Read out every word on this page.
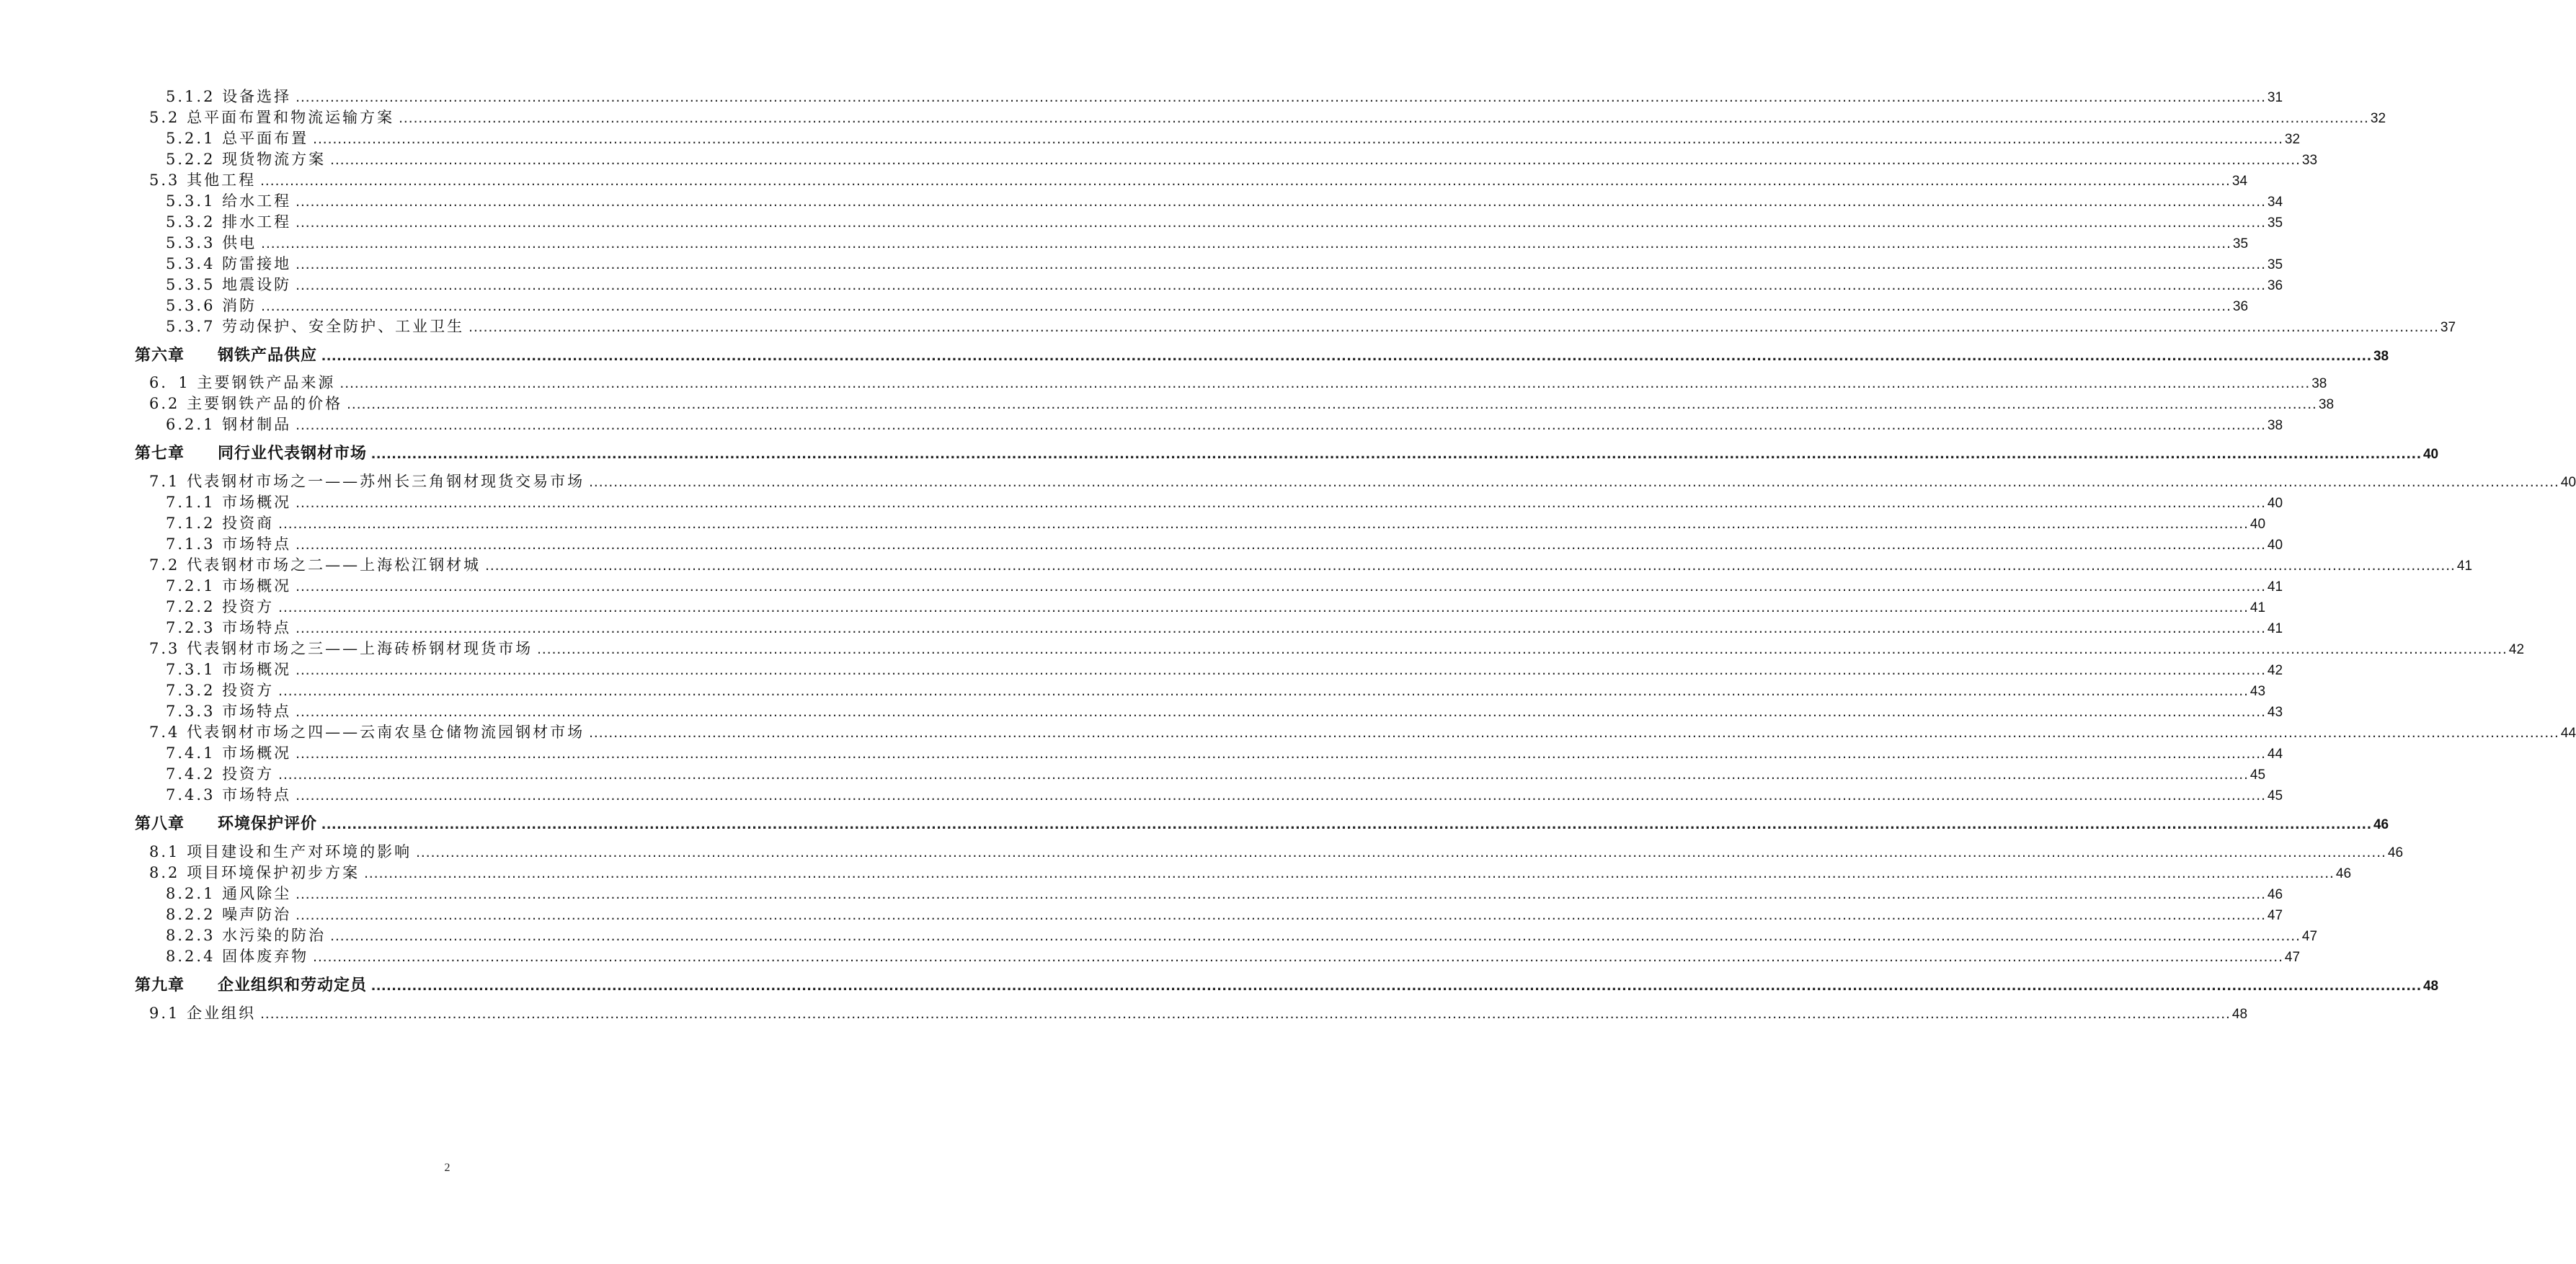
5.1.2 设备选择 ................................................................................................................................................................................................................................................................................................................................................................................................................ 31
5.2 总平面布置和物流运输方案 ................................................................................................................................................................................................................................................................................................................................................................................................................ 32
5.2.1 总平面布置 ................................................................................................................................................................................................................................................................................................................................................................................................................ 32
5.2.2 现货物流方案 ................................................................................................................................................................................................................................................................................................................................................................................................................ 33
5.3 其他工程 ................................................................................................................................................................................................................................................................................................................................................................................................................ 34
5.3.1 给水工程 ................................................................................................................................................................................................................................................................................................................................................................................................................ 34
5.3.2 排水工程 ................................................................................................................................................................................................................................................................................................................................................................................................................ 35
5.3.3 供电 ................................................................................................................................................................................................................................................................................................................................................................................................................ 35
5.3.4 防雷接地 ................................................................................................................................................................................................................................................................................................................................................................................................................ 35
5.3.5 地震设防 ................................................................................................................................................................................................................................................................................................................................................................................................................ 36
5.3.6 消防 ................................................................................................................................................................................................................................................................................................................................................................................................................ 36
5.3.7 劳动保护、安全防护、工业卫生 ................................................................................................................................................................................................................................................................................................................................................................................................................ 37
第六章 钢铁产品供应 ................................................................................................................................................................................................................................................................................................................................................................................................................ 38
6．1 主要钢铁产品来源 ................................................................................................................................................................................................................................................................................................................................................................................................................ 38
6.2 主要钢铁产品的价格 ................................................................................................................................................................................................................................................................................................................................................................................................................ 38
6.2.1 钢材制品 ................................................................................................................................................................................................................................................................................................................................................................................................................ 38
第七章 同行业代表钢材市场 ................................................................................................................................................................................................................................................................................................................................................................................................................ 40
7.1 代表钢材市场之一——苏州长三角钢材现货交易市场 ................................................................................................................................................................................................................................................................................................................................................................................................................ 40
7.1.1 市场概况 ................................................................................................................................................................................................................................................................................................................................................................................................................ 40
7.1.2 投资商 ................................................................................................................................................................................................................................................................................................................................................................................................................ 40
7.1.3 市场特点 ................................................................................................................................................................................................................................................................................................................................................................................................................ 40
7.2 代表钢材市场之二——上海松江钢材城 ................................................................................................................................................................................................................................................................................................................................................................................................................ 41
7.2.1 市场概况 ................................................................................................................................................................................................................................................................................................................................................................................................................ 41
7.2.2 投资方 ................................................................................................................................................................................................................................................................................................................................................................................................................ 41
7.2.3 市场特点 ................................................................................................................................................................................................................................................................................................................................................................................................................ 41
7.3 代表钢材市场之三——上海砖桥钢材现货市场 ................................................................................................................................................................................................................................................................................................................................................................................................................ 42
7.3.1 市场概况 ................................................................................................................................................................................................................................................................................................................................................................................................................ 42
7.3.2 投资方 ................................................................................................................................................................................................................................................................................................................................................................................................................ 43
7.3.3 市场特点 ................................................................................................................................................................................................................................................................................................................................................................................................................ 43
7.4 代表钢材市场之四——云南农垦仓储物流园钢材市场 ................................................................................................................................................................................................................................................................................................................................................................................................................ 44
7.4.1 市场概况 ................................................................................................................................................................................................................................................................................................................................................................................................................ 44
7.4.2 投资方 ................................................................................................................................................................................................................................................................................................................................................................................................................ 45
7.4.3 市场特点 ................................................................................................................................................................................................................................................................................................................................................................................................................ 45
第八章 环境保护评价 ................................................................................................................................................................................................................................................................................................................................................................................................................ 46
8.1 项目建设和生产对环境的影响 ................................................................................................................................................................................................................................................................................................................................................................................................................ 46
8.2 项目环境保护初步方案 ................................................................................................................................................................................................................................................................................................................................................................................................................ 46
8.2.1 通风除尘 ................................................................................................................................................................................................................................................................................................................................................................................................................ 46
8.2.2 噪声防治 ................................................................................................................................................................................................................................................................................................................................................................................................................ 47
8.2.3 水污染的防治 ................................................................................................................................................................................................................................................................................................................................................................................................................ 47
8.2.4 固体废弃物 ................................................................................................................................................................................................................................................................................................................................................................................................................ 47
第九章 企业组织和劳动定员 ................................................................................................................................................................................................................................................................................................................................................................................................................ 48
9.1 企业组织 ................................................................................................................................................................................................................................................................................................................................................................................................................ 48
2
